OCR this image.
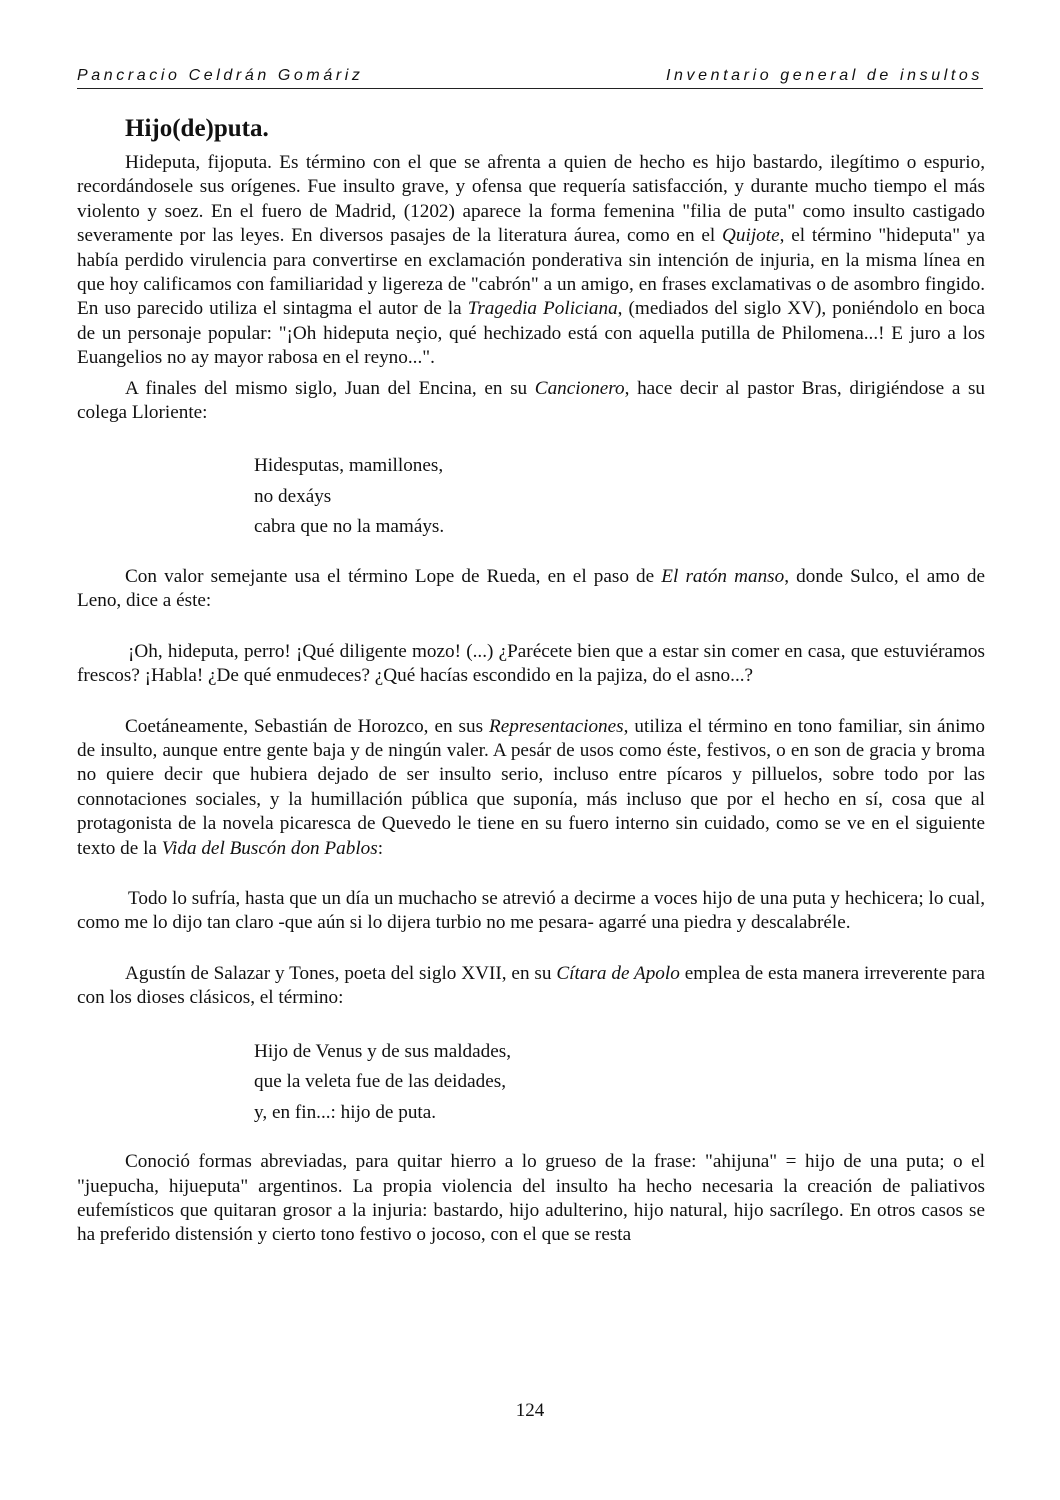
Pancracio Celdrán Gomáriz	Inventario general de insultos
Hijo(de)puta.

Hideputa, fijoputa. Es término con el que se afrenta a quien de hecho es hijo bastardo, ilegítimo o espurio, recordándosele sus orígenes. Fue insulto grave, y ofensa que requería satisfacción, y durante mucho tiempo el más violento y soez. En el fuero de Madrid, (1202) aparece la forma femenina "filia de puta" como insulto castigado severamente por las leyes. En diversos pasajes de la literatura áurea, como en el Quijote, el término "hideputa" ya había perdido virulencia para convertirse en exclamación ponderativa sin intención de injuria, en la misma línea en que hoy calificamos con familiaridad y ligereza de "cabrón" a un amigo, en frases exclamativas o de asombro fingido. En uso parecido utiliza el sintagma el autor de la Tragedia Policiana, (mediados del siglo XV), poniéndolo en boca de un personaje popular: "¡Oh hideputa neçio, qué hechizado está con aquella putilla de Philomena...! E juro a los Euangelios no ay mayor rabosa en el reyno...".

A finales del mismo siglo, Juan del Encina, en su Cancionero, hace decir al pastor Bras, dirigiéndose a su colega Lloriente:

Hidesputas, mamillones,
no dexáys
cabra que no la mamáys.

Con valor semejante usa el término Lope de Rueda, en el paso de El ratón manso, donde Sulco, el amo de Leno, dice a éste:

¡Oh, hideputa, perro! ¡Qué diligente mozo! (...) ¿Parécete bien que a estar sin comer en casa, que estuviéramos frescos? ¡Habla! ¿De qué enmudeces? ¿Qué hacías escondido en la pajiza, do el asno...?

Coetáneamente, Sebastián de Horozco, en sus Representaciones, utiliza el término en tono familiar, sin ánimo de insulto, aunque entre gente baja y de ningún valer. A pesár de usos como éste, festivos, o en son de gracia y broma no quiere decir que hubiera dejado de ser insulto serio, incluso entre pícaros y pilluelos, sobre todo por las connotaciones sociales, y la humillación pública que suponía, más incluso que por el hecho en sí, cosa que al protagonista de la novela picaresca de Quevedo le tiene en su fuero interno sin cuidado, como se ve en el siguiente texto de la Vida del Buscón don Pablos:

Todo lo sufría, hasta que un día un muchacho se atrevió a decirme a voces hijo de una puta y hechicera; lo cual, como me lo dijo tan claro -que aún si lo dijera turbio no me pesara- agarré una piedra y descalabréle.

Agustín de Salazar y Tones, poeta del siglo XVII, en su Cítara de Apolo emplea de esta manera irreverente para con los dioses clásicos, el término:

Hijo de Venus y de sus maldades,
que la veleta fue de las deidades,
y, en fin...: hijo de puta.

Conoció formas abreviadas, para quitar hierro a lo grueso de la frase: "ahijuna" = hijo de una puta; o el "juepucha, hijueputa" argentinos. La propia violencia del insulto ha hecho necesaria la creación de paliativos eufemísticos que quitaran grosor a la injuria: bastardo, hijo adulterino, hijo natural, hijo sacrílego. En otros casos se ha preferido distensión y cierto tono festivo o jocoso, con el que se resta

124
